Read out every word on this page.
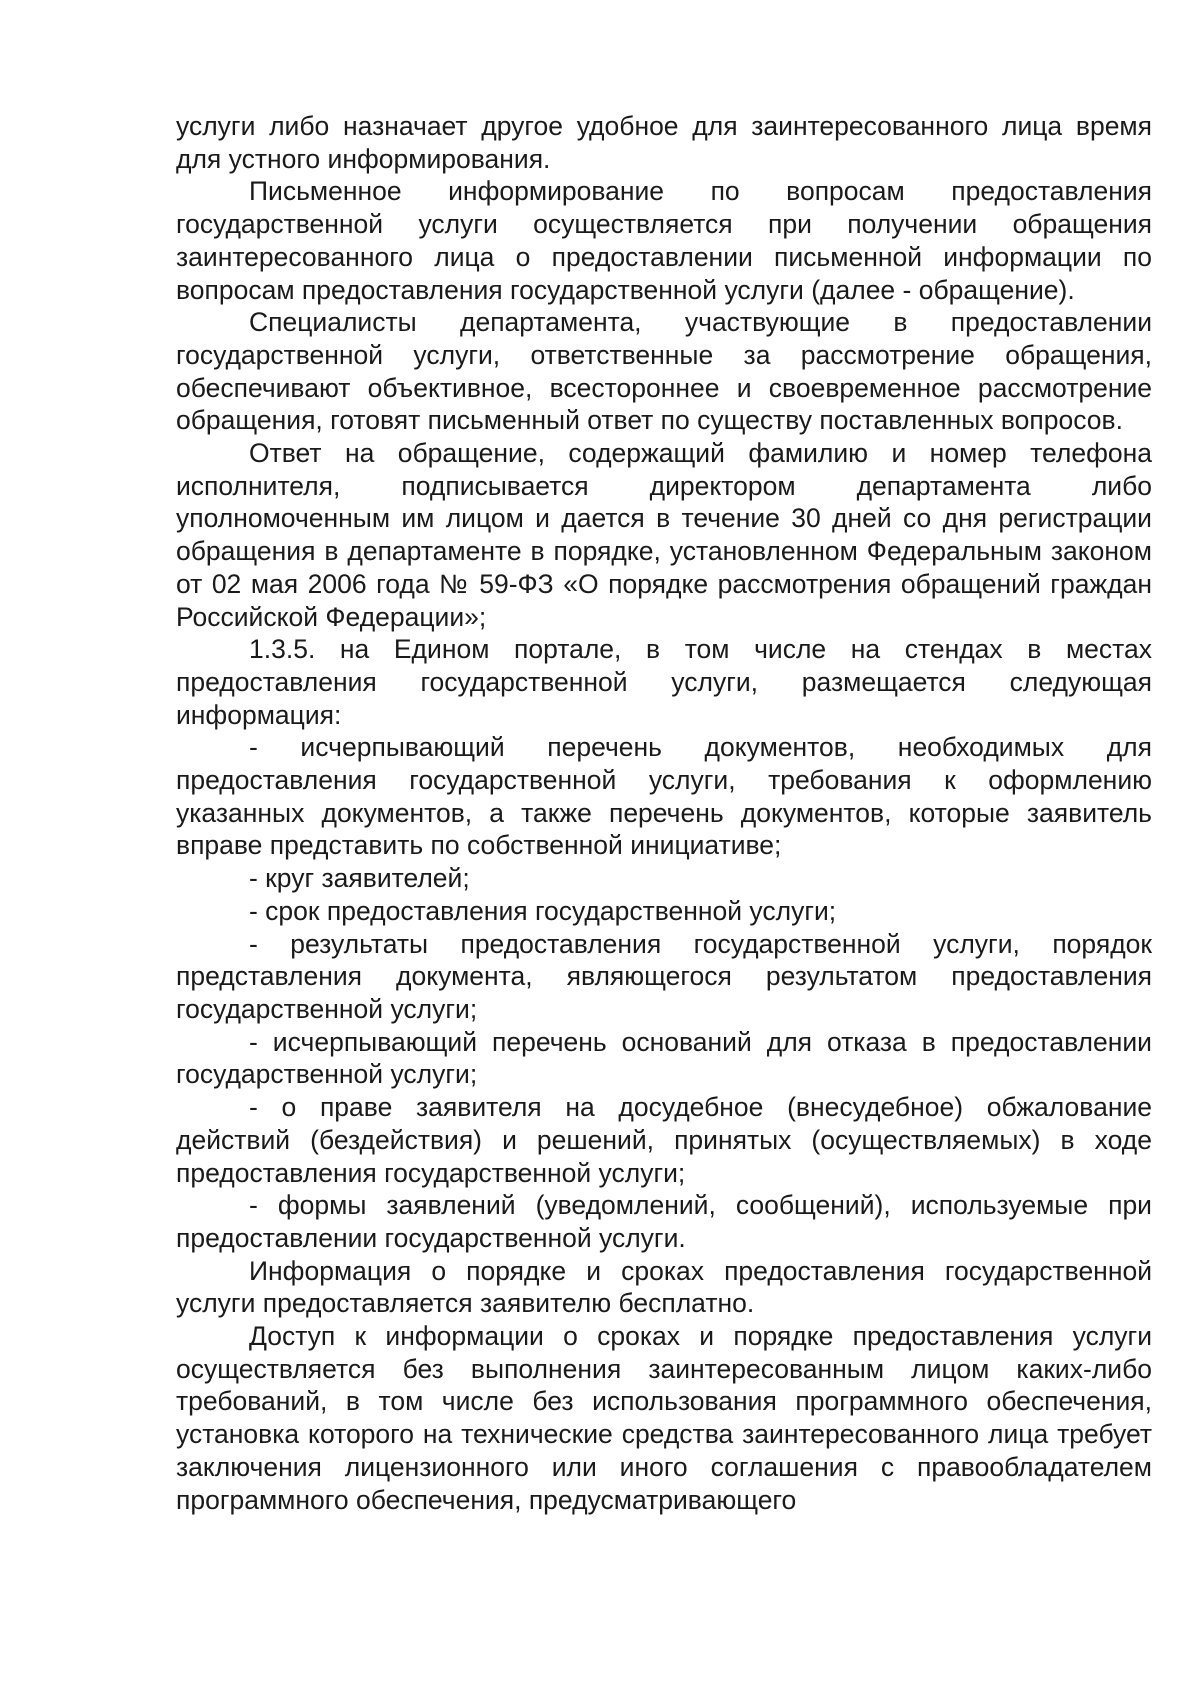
услуги либо назначает другое удобное для заинтересованного лица время для устного информирования.

Письменное информирование по вопросам предоставления государственной услуги осуществляется при получении обращения заинтересованного лица о предоставлении письменной информации по вопросам предоставления государственной услуги (далее - обращение).

Специалисты департамента, участвующие в предоставлении государственной услуги, ответственные за рассмотрение обращения, обеспечивают объективное, всестороннее и своевременное рассмотрение обращения, готовят письменный ответ по существу поставленных вопросов.

Ответ на обращение, содержащий фамилию и номер телефона исполнителя, подписывается директором департамента либо уполномоченным им лицом и дается в течение 30 дней со дня регистрации обращения в департаменте в порядке, установленном Федеральным законом от 02 мая 2006 года № 59-ФЗ «О порядке рассмотрения обращений граждан Российской Федерации»;

1.3.5. на Едином портале, в том числе на стендах в местах предоставления государственной услуги, размещается следующая информация:

- исчерпывающий перечень документов, необходимых для предоставления государственной услуги, требования к оформлению указанных документов, а также перечень документов, которые заявитель вправе представить по собственной инициативе;

- круг заявителей;

- срок предоставления государственной услуги;

- результаты предоставления государственной услуги, порядок представления документа, являющегося результатом предоставления государственной услуги;

- исчерпывающий перечень оснований для отказа в предоставлении государственной услуги;

- о праве заявителя на досудебное (внесудебное) обжалование действий (бездействия) и решений, принятых (осуществляемых) в ходе предоставления государственной услуги;

- формы заявлений (уведомлений, сообщений), используемые при предоставлении государственной услуги.

Информация о порядке и сроках предоставления государственной услуги предоставляется заявителю бесплатно.

Доступ к информации о сроках и порядке предоставления услуги осуществляется без выполнения заинтересованным лицом каких-либо требований, в том числе без использования программного обеспечения, установка которого на технические средства заинтересованного лица требует заключения лицензионного или иного соглашения с правообладателем программного обеспечения, предусматривающего
